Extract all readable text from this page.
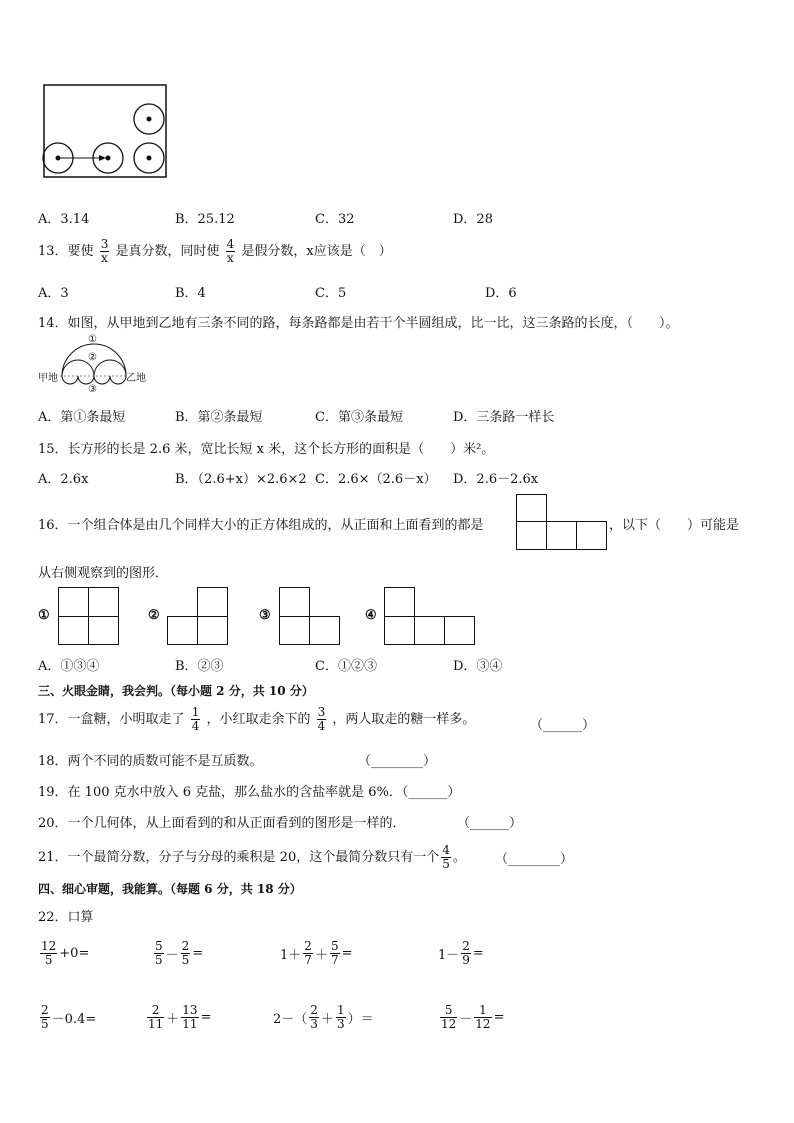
A．3.14	B．25.12	C．32	D．28
13．要使 $\frac{3}{x}$ 是真分数，同时使 $\frac{4}{x}$ 是假分数，x应该是（　）
A．3	B．4	C．5	D．6
14．如图，从甲地到乙地有三条不同的路，每条路都是由若干个半圆组成，比一比，这三条路的长度，（　　）。
甲地	乙地
①
②
③
A．第①条最短	B．第②条最短	C．第③条最短	D．三条路一样长
15．长方形的长是 2.6 米，宽比长短 x 米，这个长方形的面积是（　　）米²。
A．2.6x	B．（2.6+x）×2.6×2 C．2.6×（2.6－x） D．2.6－2.6x
16．一个组合体是由几个同样大小的正方体组成的，从正面和上面看到的都是	，以下（　　）可能是
从右侧观察到的图形．
①	②	③	④
A．①③④	B．②③	C．①②③	D．③④
三、火眼金睛，我会判。（每小题 2 分，共 10 分）
17．一盒糖，小明取走了 $\frac{1}{4}$ ，小红取走余下的 $\frac{3}{4}$ ，两人取走的糖一样多。	（______）
18．两个不同的质数可能不是互质数。	（________）
19．在 100 克水中放入 6 克盐，那么盐水的含盐率就是 6%．（______）
20．一个几何体，从上面看到的和从正面看到的图形是一样的．	（______）
21．一个最简分数，分子与分母的乘积是 20，这个最简分数只有一个 $\frac{4}{5}$ 。 （________）
四、细心审题，我能算。（每题 6 分，共 18 分）
22．口算
$\frac{12}{5} +0=$	$\frac{5}{5} - \frac{2}{5}$ =	$1+ \frac{2}{7} + \frac{5}{7}$ =	$1- \frac{2}{9}$ =
$\frac{2}{5} -0.4=$	$\frac{2}{11} + \frac{13}{11}$ =	$2-( \frac{2}{3} + \frac{1}{3}$ ）＝	$\frac{5}{12} - \frac{1}{12}$ =
